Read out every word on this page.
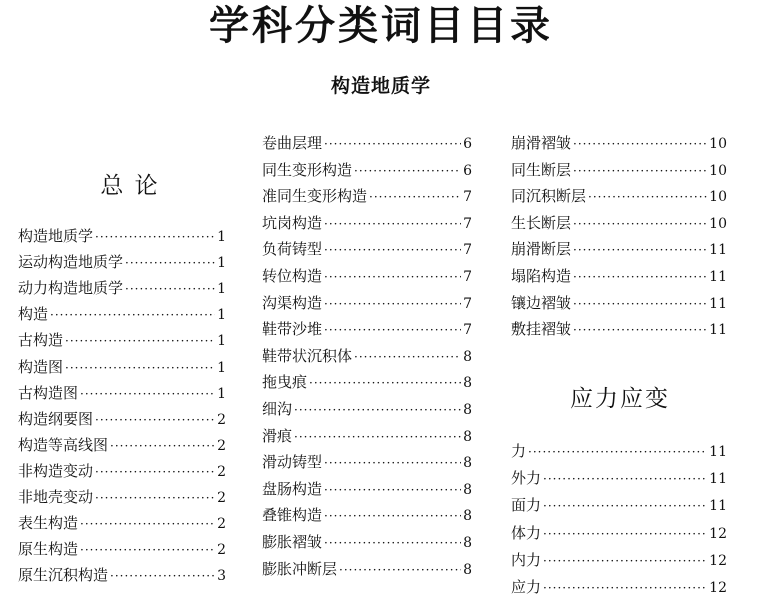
学科分类词目目录
构造地质学
总 论
构造地质学 ·····	1
运动构造地质学 ·····	1
动力构造地质学 ·····	1
构造 ·····	1
古构造 ·····	1
构造图 ·····	1
古构造图 ·····	1
构造纲要图 ·····	2
构造等高线图 ·····	2
非构造变动 ·····	2
非地壳变动 ·····	2
表生构造 ·····	2
原生构造 ·····	2
原生沉积构造 ·····	3
卷曲层理 ·····	6
同生变形构造 ·····	6
准同生变形构造 ·····	7
坑岗构造 ·····	7
负荷铸型 ·····	7
转位构造 ·····	7
沟渠构造 ·····	7
鞋带沙堆 ·····	7
鞋带状沉积体 ·····	8
拖曳痕 ·····	8
细沟 ·····	8
滑痕 ·····	8
滑动铸型 ·····	8
盘肠构造 ·····	8
叠锥构造 ·····	8
膨胀褶皱 ·····	8
膨胀冲断层 ·····	8
崩滑褶皱 ·····	10
同生断层 ·····	10
同沉积断层 ·····	10
生长断层 ·····	10
崩滑断层 ·····	11
塌陷构造 ·····	11
镶边褶皱 ·····	11
敷挂褶皱 ·····	11
应力应变
力 ·····	11
外力 ·····	11
面力 ·····	11
体力 ·····	12
内力 ·····	12
应力 ·····	12
